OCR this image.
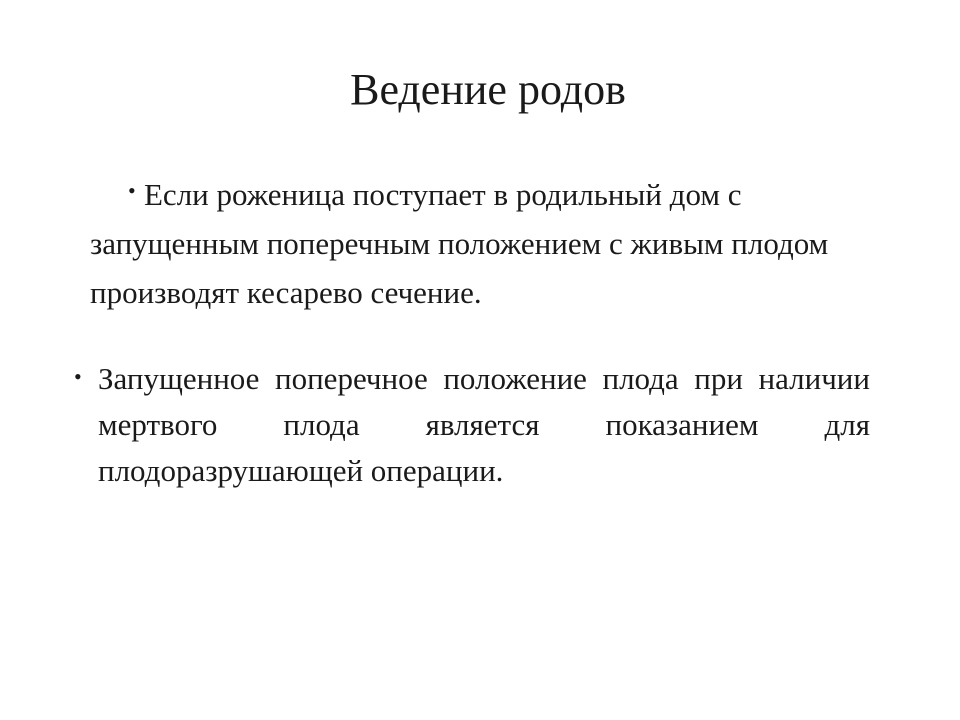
Ведение родов
• Если роженица поступает в родильный дом с запущенным поперечным положением с живым плодом производят кесарево сечение.
• Запущенное поперечное положение плода при наличии мертвого плода является показанием для плодоразрушающей операции.
